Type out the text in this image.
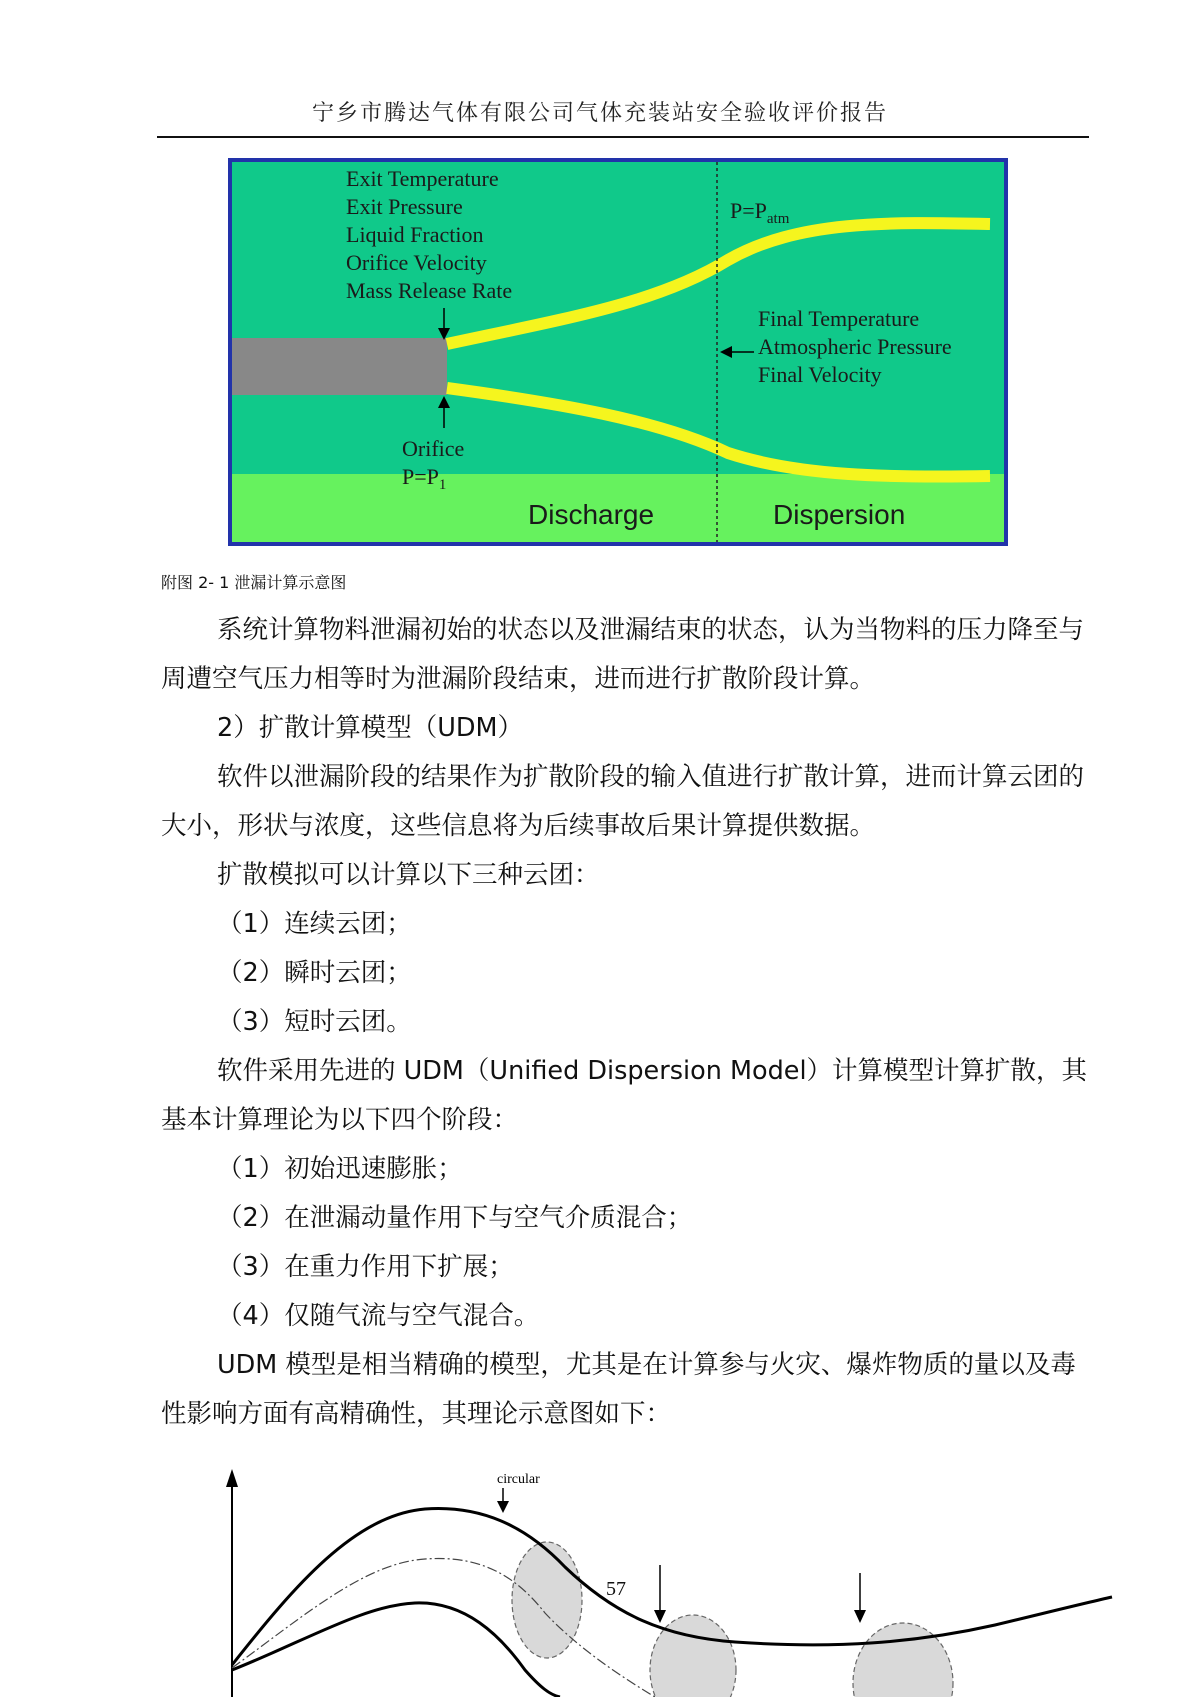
宁乡市腾达气体有限公司气体充装站安全验收评价报告
Exit Temperature
Exit Pressure
Liquid Fraction
Orifice Velocity
Mass Release Rate
$P=P_{atm}$
Final Temperature
Atmospheric Pressure
Final Velocity
Orifice
$P=P_1$
Discharge	Dispersion
附图 2- 1 泄漏计算示意图

系统计算物料泄漏初始的状态以及泄漏结束的状态，认为当物料的压力降至与周遭空气压力相等时为泄漏阶段结束，进而进行扩散阶段计算。

2）扩散计算模型（UDM）

软件以泄漏阶段的结果作为扩散阶段的输入值进行扩散计算，进而计算云团的大小，形状与浓度，这些信息将为后续事故后果计算提供数据。

扩散模拟可以计算以下三种云团：

（1）连续云团；

（2）瞬时云团；

（3）短时云团。

软件采用先进的 UDM（Unified Dispersion Model）计算模型计算扩散，其基本计算理论为以下四个阶段：

（1）初始迅速膨胀；

（2）在泄漏动量作用下与空气介质混合；

（3）在重力作用下扩展；

（4）仅随气流与空气混合。

UDM 模型是相当精确的模型，尤其是在计算参与火灾、爆炸物质的量以及毒性影响方面有高精确性，其理论示意图如下：

circular
57
